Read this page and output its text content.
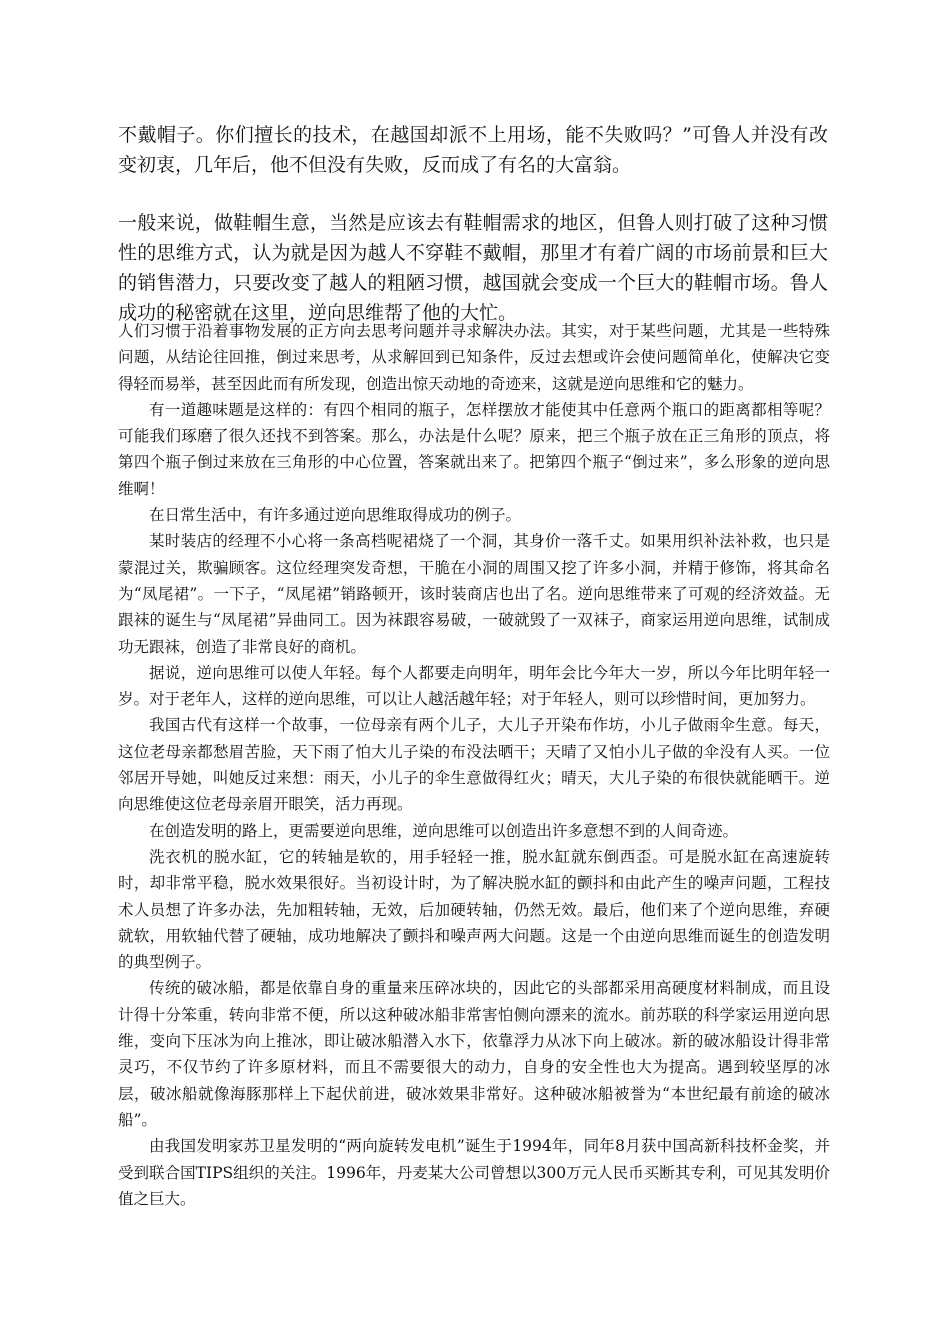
不戴帽子。你们擅长的技术，在越国却派不上用场，能不失败吗？”可鲁人并没有改变初衷，几年后，他不但没有失败，反而成了有名的大富翁。

一般来说，做鞋帽生意，当然是应该去有鞋帽需求的地区，但鲁人则打破了这种习惯性的思维方式，认为就是因为越人不穿鞋不戴帽，那里才有着广阔的市场前景和巨大的销售潜力，只要改变了越人的粗陋习惯，越国就会变成一个巨大的鞋帽市场。鲁人成功的秘密就在这里，逆向思维帮了他的大忙。

人们习惯于沿着事物发展的正方向去思考问题并寻求解决办法。其实，对于某些问题，尤其是一些特殊问题，从结论往回推，倒过来思考，从求解回到已知条件，反过去想或许会使问题简单化，使解决它变得轻而易举，甚至因此而有所发现，创造出惊天动地的奇迹来，这就是逆向思维和它的魅力。

有一道趣味题是这样的：有四个相同的瓶子，怎样摆放才能使其中任意两个瓶口的距离都相等呢？可能我们琢磨了很久还找不到答案。那么，办法是什么呢？原来，把三个瓶子放在正三角形的顶点，将第四个瓶子倒过来放在三角形的中心位置，答案就出来了。把第四个瓶子“倒过来”，多么形象的逆向思维啊！

在日常生活中，有许多通过逆向思维取得成功的例子。

某时装店的经理不小心将一条高档呢裙烧了一个洞，其身价一落千丈。如果用织补法补救，也只是蒙混过关，欺骗顾客。这位经理突发奇想，干脆在小洞的周围又挖了许多小洞，并精于修饰，将其命名为“凤尾裙”。一下子，“凤尾裙”销路顿开，该时装商店也出了名。逆向思维带来了可观的经济效益。无跟袜的诞生与“凤尾裙”异曲同工。因为袜跟容易破，一破就毁了一双袜子，商家运用逆向思维，试制成功无跟袜，创造了非常良好的商机。

据说，逆向思维可以使人年轻。每个人都要走向明年，明年会比今年大一岁，所以今年比明年轻一岁。对于老年人，这样的逆向思维，可以让人越活越年轻；对于年轻人，则可以珍惜时间，更加努力。

我国古代有这样一个故事，一位母亲有两个儿子，大儿子开染布作坊，小儿子做雨伞生意。每天，这位老母亲都愁眉苦脸，天下雨了怕大儿子染的布没法晒干；天晴了又怕小儿子做的伞没有人买。一位邻居开导她，叫她反过来想：雨天，小儿子的伞生意做得红火；晴天，大儿子染的布很快就能晒干。逆向思维使这位老母亲眉开眼笑，活力再现。

在创造发明的路上，更需要逆向思维，逆向思维可以创造出许多意想不到的人间奇迹。

洗衣机的脱水缸，它的转轴是软的，用手轻轻一推，脱水缸就东倒西歪。可是脱水缸在高速旋转时，却非常平稳，脱水效果很好。当初设计时，为了解决脱水缸的颤抖和由此产生的噪声问题，工程技术人员想了许多办法，先加粗转轴，无效，后加硬转轴，仍然无效。最后，他们来了个逆向思维，弃硬就软，用软轴代替了硬轴，成功地解决了颤抖和噪声两大问题。这是一个由逆向思维而诞生的创造发明的典型例子。

传统的破冰船，都是依靠自身的重量来压碎冰块的，因此它的头部都采用高硬度材料制成，而且设计得十分笨重，转向非常不便，所以这种破冰船非常害怕侧向漂来的流水。前苏联的科学家运用逆向思维，变向下压冰为向上推冰，即让破冰船潜入水下，依靠浮力从冰下向上破冰。新的破冰船设计得非常灵巧，不仅节约了许多原材料，而且不需要很大的动力，自身的安全性也大为提高。遇到较坚厚的冰层，破冰船就像海豚那样上下起伏前进，破冰效果非常好。这种破冰船被誉为“本世纪最有前途的破冰船”。

由我国发明家苏卫星发明的“两向旋转发电机”诞生于1994年，同年8月获中国高新科技杯金奖，并受到联合国TIPS组织的关注。1996年，丹麦某大公司曾想以300万元人民币买断其专利，可见其发明价值之巨大。
